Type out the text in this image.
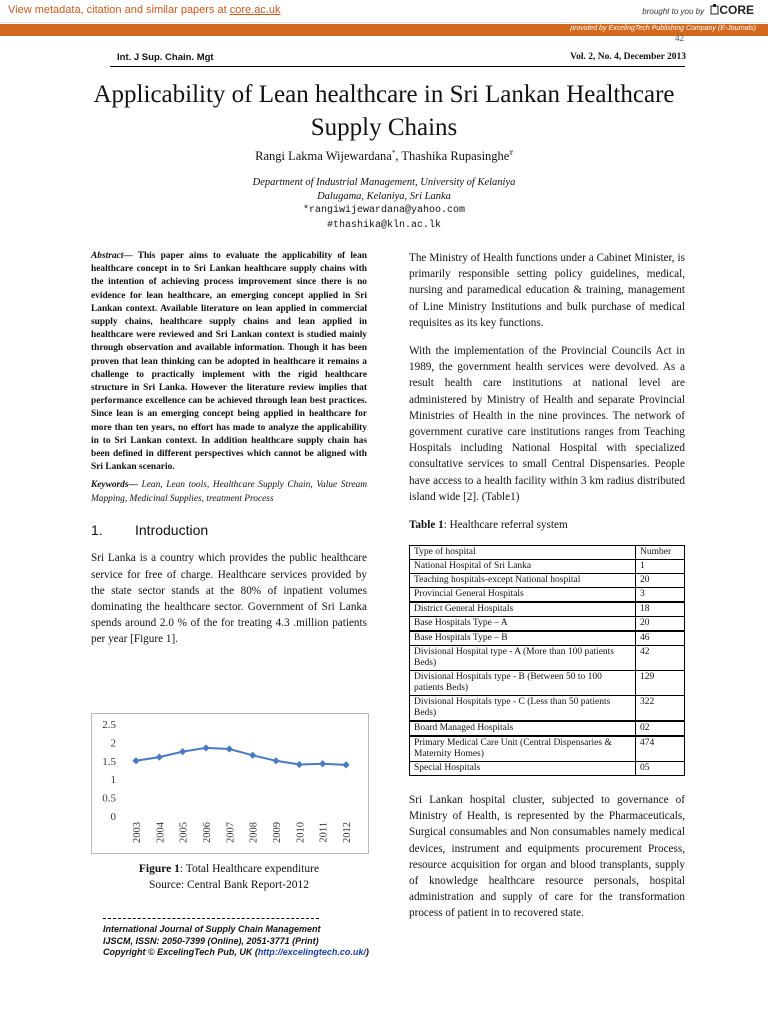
View metadata, citation and similar papers at core.ac.uk	brought to you by CORE
provided by ExcelingTech Publishing Company (E-Journals)
42
Int. J Sup. Chain. Mgt	Vol. 2, No. 4, December 2013
Applicability of Lean healthcare in Sri Lankan Healthcare Supply Chains
Rangi Lakma Wijewardana*, Thashika Rupasinghe#
Department of Industrial Management, University of Kelaniya
Dalugama, Kelaniya, Sri Lanka
*rangiwijewardana@yahoo.com
#thashika@kln.ac.lk

Abstract— This paper aims to evaluate the applicability of lean healthcare concept in to Sri Lankan healthcare supply chains with the intention of achieving process improvement since there is no evidence for lean healthcare, an emerging concept applied in Sri Lankan context. Available literature on lean applied in commercial supply chains, healthcare supply chains and lean applied in healthcare were reviewed and Sri Lankan context is studied mainly through observation and available information. Though it has been proven that lean thinking can be adopted in healthcare it remains a challenge to practically implement with the rigid healthcare structure in Sri Lanka. However the literature review implies that performance excellence can be achieved through lean best practices. Since lean is an emerging concept being applied in healthcare for more than ten years, no effort has made to analyze the applicability in to Sri Lankan context. In addition healthcare supply chain has been defined in different perspectives which cannot be aligned with Sri Lankan scenario.

Keywords— Lean, Lean tools, Healthcare Supply Chain, Value Stream Mapping, Medicinal Supplies, treatment Process

1. Introduction

Sri Lanka is a country which provides the public healthcare service for free of charge. Healthcare services provided by the state sector stands at the 80% of inpatient volumes dominating the healthcare sector. Government of Sri Lanka spends around 2.0 % of the for treating 4.3 .million patients per year [Figure 1].

0
0.5
1
1.5
2
2.5
2003 2004 2005 2006 2007 2008 2009 2010 2011 2012
Figure 1: Total Healthcare expenditure
Source: Central Bank Report-2012
International Journal of Supply Chain Management
IJSCM, ISSN: 2050-7399 (Online), 2051-3771 (Print)
Copyright © ExcelingTech Pub, UK (http://excelingtech.co.uk/)

The Ministry of Health functions under a Cabinet Minister, is primarily responsible setting policy guidelines, medical, nursing and paramedical education & training, management of Line Ministry Institutions and bulk purchase of medical requisites as its key functions.

With the implementation of the Provincial Councils Act in 1989, the government health services were devolved. As a result health care institutions at national level are administered by Ministry of Health and separate Provincial Ministries of Health in the nine provinces. The network of government curative care institutions ranges from Teaching Hospitals including National Hospital with specialized consultative services to small Central Dispensaries. People have access to a health facility within 3 km radius distributed island wide [2]. (Table1)

Table 1: Healthcare referral system
Type of hospital	Number
National Hospital of Sri Lanka	1
Teaching hospitals-except National hospital	20
Provincial General Hospitals	3
District General Hospitals	18
Base Hospitals Type – A	20
Base Hospitals Type – B	46
Divisional Hospital type - A (More than 100 patients Beds)	42
Divisional Hospitals type - B (Between 50 to 100 patients Beds)	129
Divisional Hospitals type - C (Less than 50 patients Beds)	322
Board Managed Hospitals	02
Primary Medical Care Unit (Central Dispensaries & Maternity Homes)	474
Special Hospitals	05

Sri Lankan hospital cluster, subjected to governance of Ministry of Health, is represented by the Pharmaceuticals, Surgical consumables and Non consumables namely medical devices, instrument and equipments procurement Process, resource acquisition for organ and blood transplants, supply of knowledge healthcare resource personals, hospital administration and supply of care for the transformation process of patient in to recovered state.
